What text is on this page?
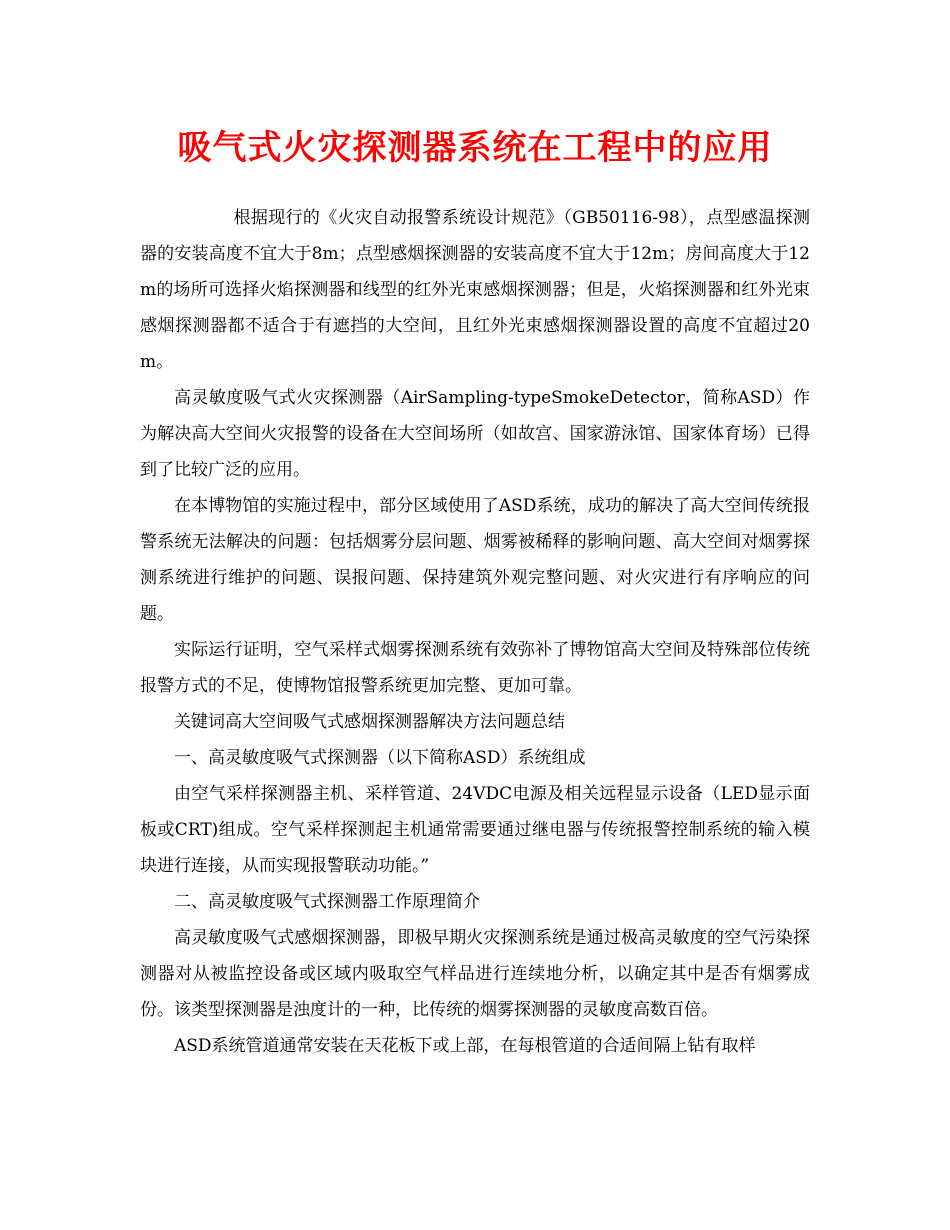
吸气式火灾探测器系统在工程中的应用

根据现行的《火灾自动报警系统设计规范》（GB50116-98），点型感温探测器的安装高度不宜大于8m；点型感烟探测器的安装高度不宜大于12m；房间高度大于12m的场所可选择火焰探测器和线型的红外光束感烟探测器；但是，火焰探测器和红外光束感烟探测器都不适合于有遮挡的大空间，且红外光束感烟探测器设置的高度不宜超过20m。

高灵敏度吸气式火灾探测器（AirSampling-typeSmokeDetector，简称ASD）作为解决高大空间火灾报警的设备在大空间场所（如故宫、国家游泳馆、国家体育场）已得到了比较广泛的应用。

在本博物馆的实施过程中，部分区域使用了ASD系统，成功的解决了高大空间传统报警系统无法解决的问题：包括烟雾分层问题、烟雾被稀释的影响问题、高大空间对烟雾探测系统进行维护的问题、误报问题、保持建筑外观完整问题、对火灾进行有序响应的问题。

实际运行证明，空气采样式烟雾探测系统有效弥补了博物馆高大空间及特殊部位传统报警方式的不足，使博物馆报警系统更加完整、更加可靠。

关键词高大空间吸气式感烟探测器解决方法问题总结

一、高灵敏度吸气式探测器（以下简称ASD）系统组成

由空气采样探测器主机、采样管道、24VDC电源及相关远程显示设备（LED显示面板或CRT)组成。空气采样探测起主机通常需要通过继电器与传统报警控制系统的输入模块进行连接，从而实现报警联动功能。”

二、高灵敏度吸气式探测器工作原理简介

高灵敏度吸气式感烟探测器，即极早期火灾探测系统是通过极高灵敏度的空气污染探测器对从被监控设备或区域内吸取空气样品进行连续地分析，以确定其中是否有烟雾成份。该类型探测器是浊度计的一种，比传统的烟雾探测器的灵敏度高数百倍。

ASD系统管道通常安装在天花板下或上部，在每根管道的合适间隔上钻有取样
